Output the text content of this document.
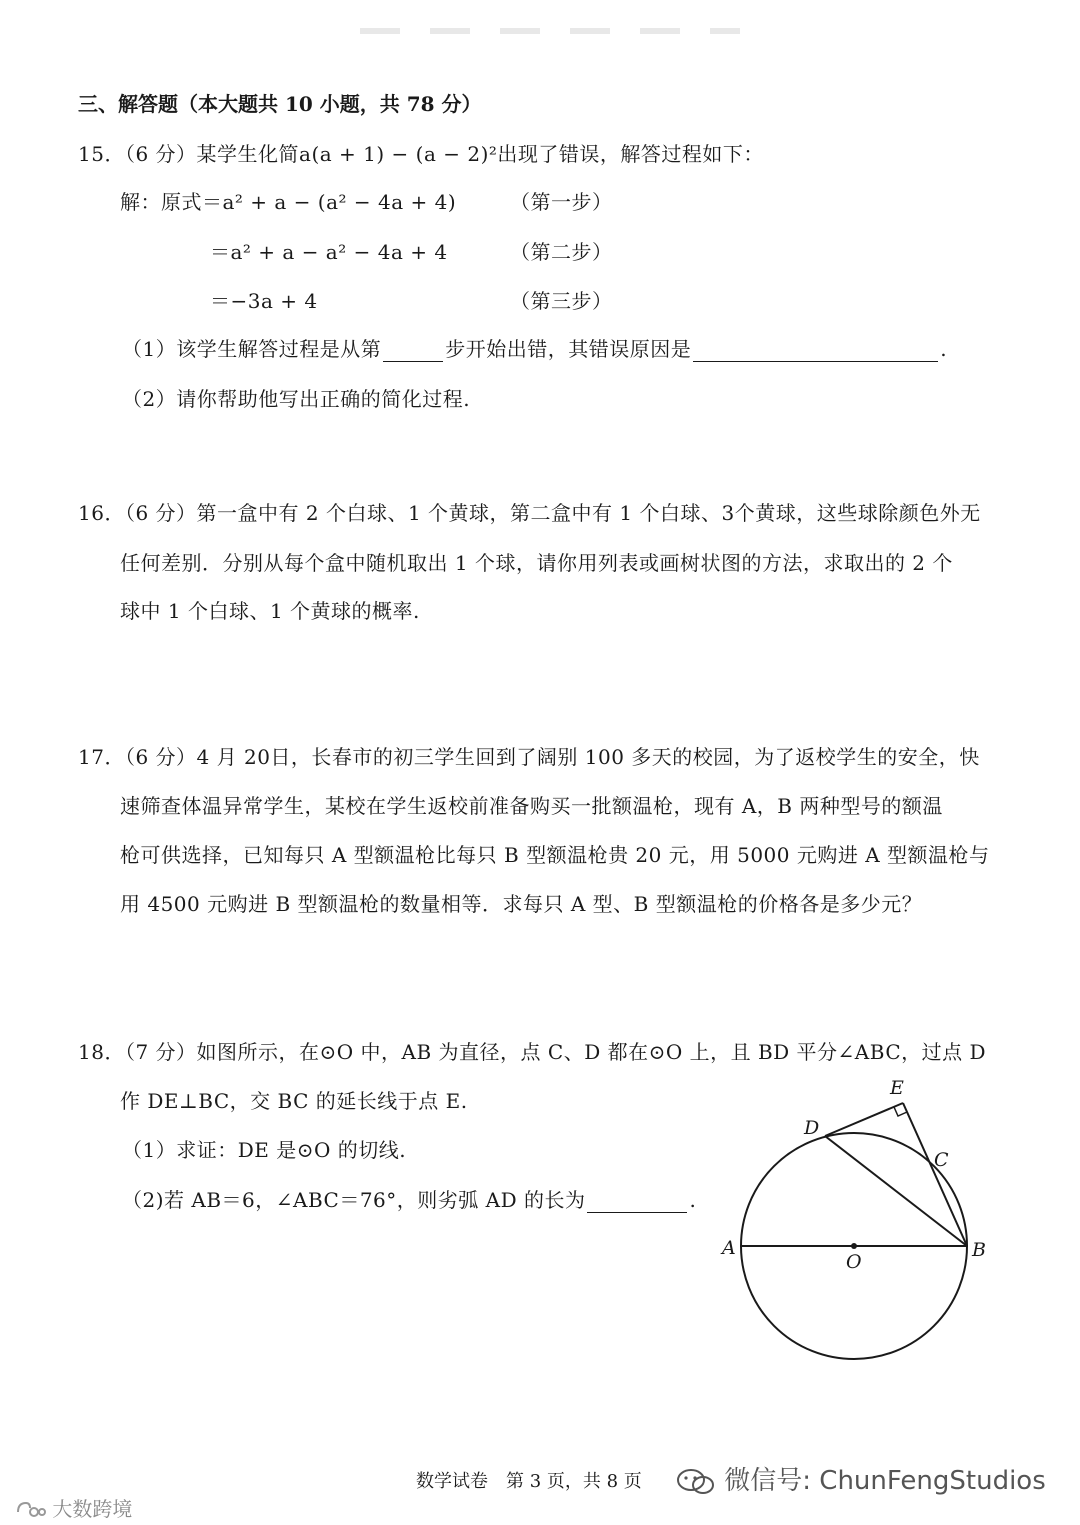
三、解答题（本大题共 10 小题，共 78 分）
15．（6 分）某学生化简a(a + 1) − (a − 2)²出现了错误，解答过程如下：
解：原式＝a² + a − (a² − 4a + 4)	（第一步）
＝a² + a − a² − 4a + 4	（第二步）
＝−3a + 4	（第三步）
（1）该学生解答过程是从第	步开始出错，其错误原因是	.
（2）请你帮助他写出正确的简化过程.
16．（6 分）第一盒中有 2 个白球、1 个黄球，第二盒中有 1 个白球、3个黄球，这些球除颜色外无
任何差别．分别从每个盒中随机取出 1 个球，请你用列表或画树状图的方法，求取出的 2 个
球中 1 个白球、1 个黄球的概率.
17．（6 分）4 月 20日，长春市的初三学生回到了阔别 100 多天的校园，为了返校学生的安全，快
速筛查体温异常学生，某校在学生返校前准备购买一批额温枪，现有 A，B 两种型号的额温
枪可供选择，已知每只 A 型额温枪比每只 B 型额温枪贵 20 元，用 5000 元购进 A 型额温枪与
用 4500 元购进 B 型额温枪的数量相等．求每只 A 型、B 型额温枪的价格各是多少元？
18．（7 分）如图所示，在⊙O 中，AB 为直径，点 C、D 都在⊙O 上，且 BD 平分∠ABC，过点 D
作 DE⊥BC，交 BC 的延长线于点 E.
（1）求证：DE 是⊙O 的切线.
（2)若 AB＝6，∠ABC＝76°，则劣弧 AD 的长为	.
A	B
C
D
E
O
数学试卷　第 3 页，共 8 页	微信号: ChunFengStudios
大数跨境
